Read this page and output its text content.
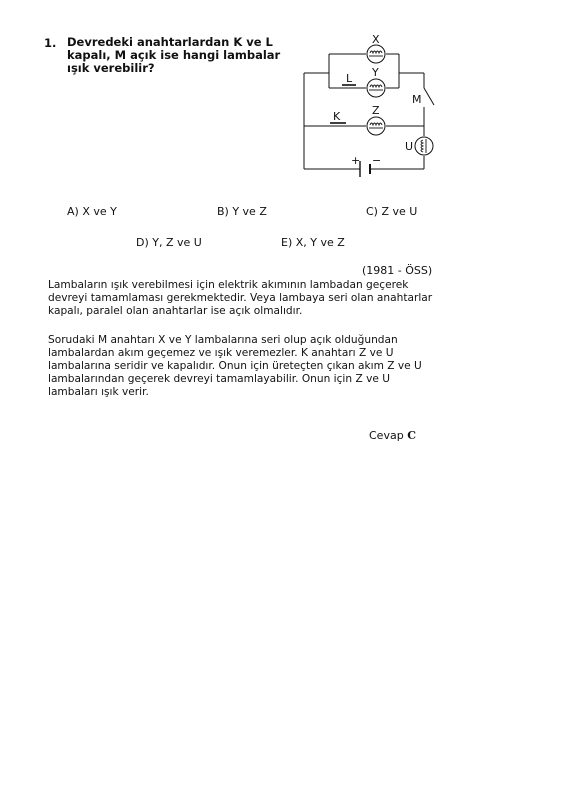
1. Devredeki anahtarlardan K ve L kapalı, M açık ise hangi lambalar ışık verebilir?
X
Y
Z
U
L
K
M
+ −
A) X ve Y	B) Y ve Z	C) Z ve U
D) Y, Z ve U	E) X, Y ve Z
(1981 - ÖSS)
Lambaların ışık verebilmesi için elektrik akımının lambadan geçerek devreyi tamamlaması gerekmektedir. Veya lambaya seri olan anahtarlar kapalı, paralel olan anahtarlar ise açık olmalıdır.
Sorudaki M anahtarı X ve Y lambalarına seri olup açık olduğundan lambalardan akım geçemez ve ışık veremezler. K anahtarı Z ve U lambalarına seridir ve kapalıdır. Onun için üreteçten çıkan akım Z ve U lambalarından geçerek devreyi tamamlayabilir. Onun için Z ve U lambaları ışık verir.
Cevap C
